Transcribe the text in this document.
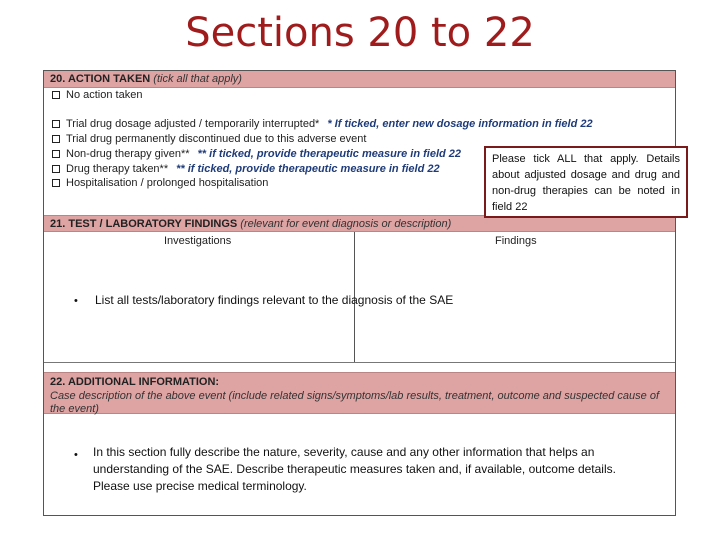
Sections 20 to 22
20. ACTION TAKEN (tick all that apply)
No action taken
Trial drug dosage adjusted / temporarily interrupted* * If ticked, enter new dosage information in field 22
Trial drug permanently discontinued due to this adverse event
Non-drug therapy given** ** if ticked, provide therapeutic measure in field 22
Drug therapy taken** ** if ticked, provide therapeutic measure in field 22
Hospitalisation / prolonged hospitalisation
21. TEST / LABORATORY FINDINGS (relevant for event diagnosis or description)
Investigations	Findings
• List all tests/laboratory findings relevant to the diagnosis of the SAE
22. ADDITIONAL INFORMATION:
Case description of the above event (include related signs/symptoms/lab results, treatment, outcome and suspected cause of the event)
• In this section fully describe the nature, severity, cause and any other information that helps an understanding of the SAE. Describe therapeutic measures taken and, if available, outcome details. Please use precise medical terminology.
Please tick ALL that apply. Details about adjusted dosage and drug and non-drug therapies can be noted in field 22
